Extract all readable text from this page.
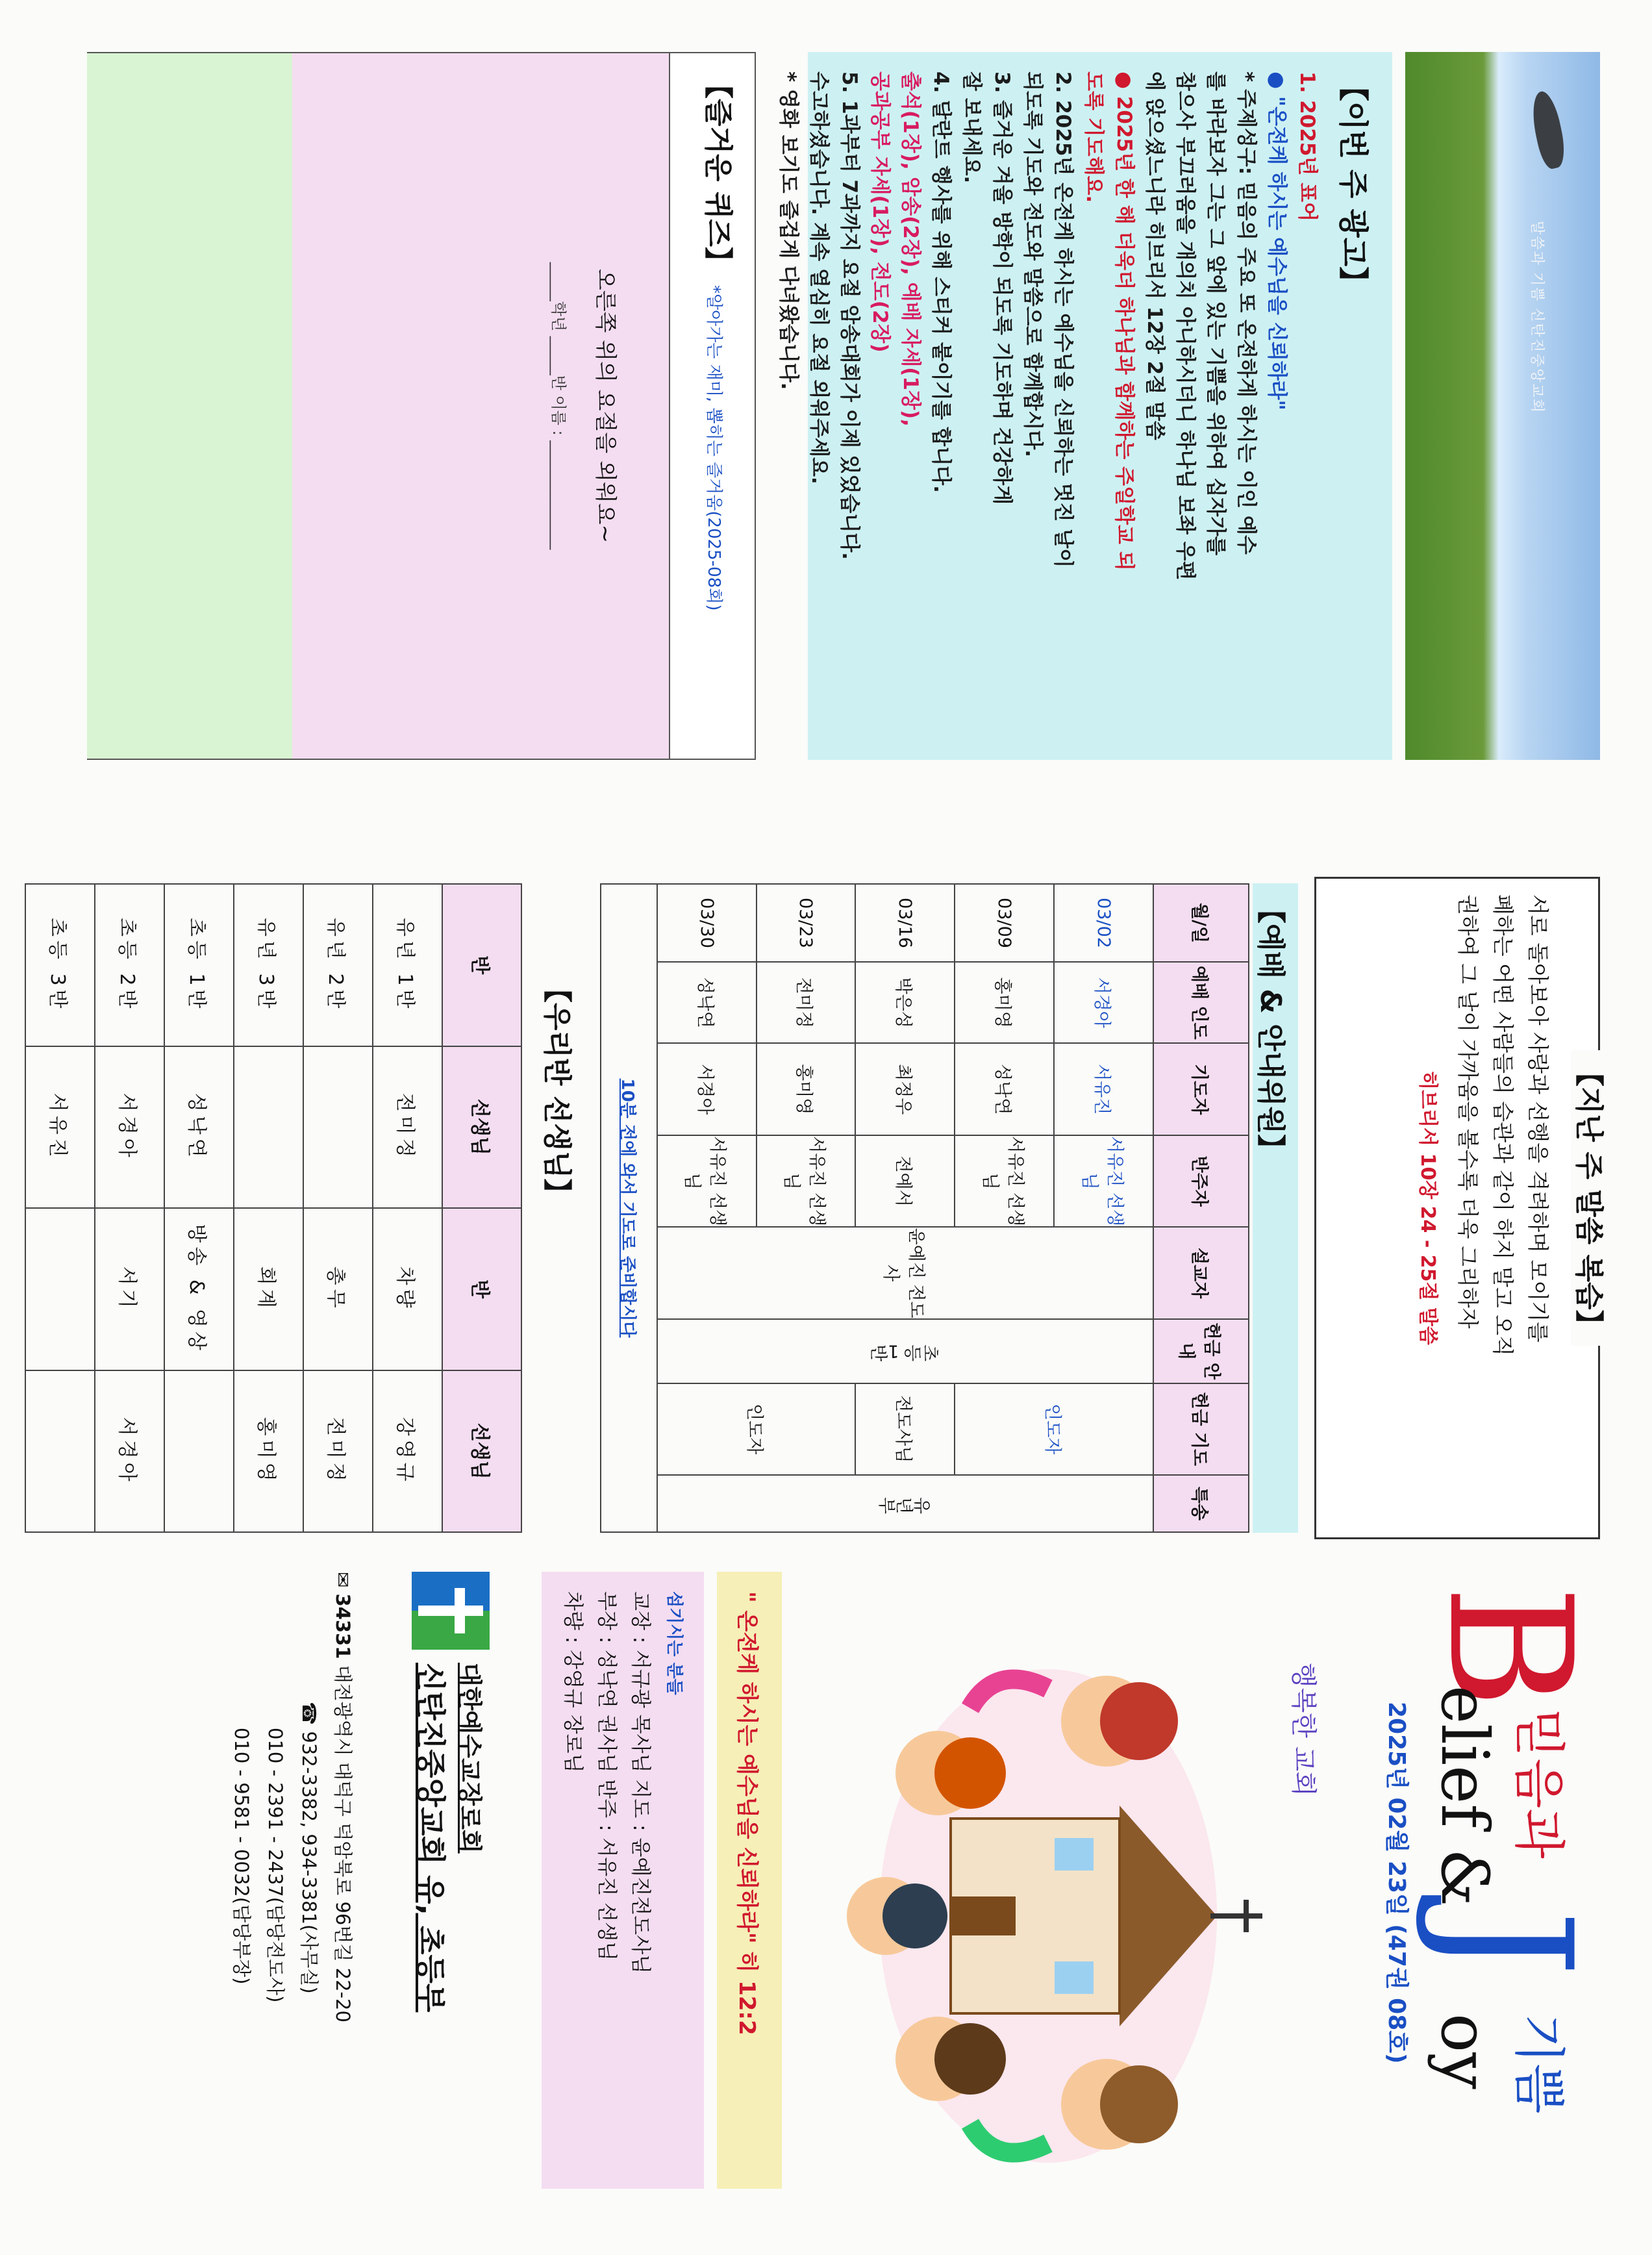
말씀과 기쁨 신탄진중앙교회
【이번 주 광고】
1. 2025년 표어
● "온전케 하시는 예수님을 신뢰하라"
* 주제성구: 믿음의 주요 또 온전하게 하시는 이인 예수
를 바라보자 그는 그 앞에 있는 기쁨을 위하여 십자가를
참으사 부끄러움을 개의치 아니하시더니 하나님 보좌 우편
에 앉으셨느니라 히브리서 12장 2절 말씀
● 2025년 한 해 더욱더 하나님과 함께하는 주일학교 되
도록 기도해요.
2. 2025년 온전케 하시는 예수님을 신뢰하는 멋진 날이
되도록 기도와 전도와 말씀으로 함께합시다.
3. 즐거운 겨울 방학이 되도록 기도하며 건강하게
잘 보내세요.
4. 달란트 행사를 위해 스티커 붙이기를 합니다.
출석(1장), 암송(2장), 예배 자세(1장),
공과공부 자세(1장), 전도(2장)
5. 1과부터 7과까지 요절 암송대회가 이제 있었습니다.
수고하셨습니다. 계속 열심히 요절 외워주세요.
* 영화 보기도 즐겁게 다녀왔습니다.
【즐거운 퀴즈】 *알아가는 재미, 뽑히는 즐거움(2025-08회)
오른쪽 위의 요절을 외워요~
_____학년 _____반 이름 : ______________
【지난 주 말씀 복습】

서로 돌아보아 사랑과 선행을 격려하며 모이기를

폐하는 어떤 사람들의 습관과 같이 하지 말고 오직

권하여 그 날이 가까움을 볼수록 더욱 그리하자

히브리서 10장 24 - 25절 말씀

【예배 & 안내위원】
월/일	예배 인도	기도자	반주자	설교자	헌금 안내	헌금 기도	특송
03/02	서경아	서유진	서유진 선생님	윤예진 전도사	초등 1반	인도자	유년부
03/09	홍미영	성낙연	서유진 선생님				
03/16	박은성	최정우	전예서			전도사님	
03/23	전미정	홍미영	서유진 선생님			인도자	
03/30	성낙연	서경아	서유진 선생님				
10분 전에 와서 기도로 준비합시다							
【우리반 선생님】
반	선생님	반	선생님
유년 1반	전미정	차량	강영규
유년 2반		총무	전미정
유년 3반		회계	홍미영
초등 1반	성낙연	방송 & 영상	
초등 2반	서경아	서기	서경아
초등 3반	서유진		
B
믿음과
elief &
J
기쁨
oy
2025년 02월 23일 (47권 08호)
행복한 교회
" 온전케 하시는 예수님을 신뢰하라" 히 12:2
섬기시는 분들
교장 : 서규광 목사님 지도 : 윤예진전도사님
부장 : 성낙연 권사님 반주 : 서유진 선생님
차량 : 강영규 장로님
대한예수교장로회
신탄진중앙교회 유, 초등부
✉ 34331 대전광역시 대덕구 덕암북로 96번길 22-20
☎ 932-3382, 934-3381(사무실)
010 - 2391 - 2437(담당전도사)
010 - 9581 - 0032(담당부장)
